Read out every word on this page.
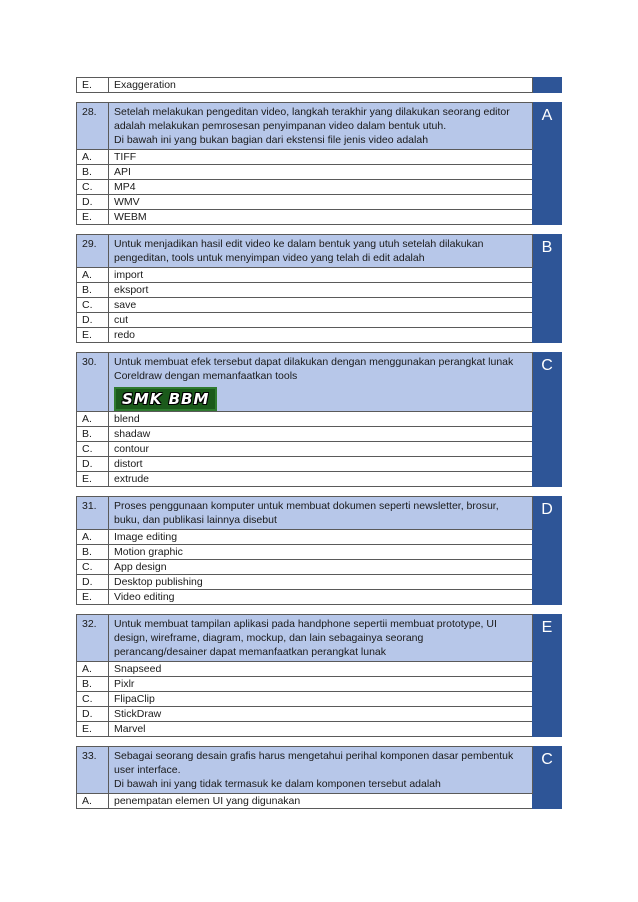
E.	Exaggeration	
28.	Setelah melakukan pengeditan video, langkah terakhir yang dilakukan seorang editor
adalah melakukan pemrosesan penyimpanan video dalam bentuk utuh.
Di bawah ini yang bukan bagian dari ekstensi file jenis video adalah	A
A.	TIFF	
B.	API	
C.	MP4	
D.	WMV	
E.	WEBM	
29.	Untuk menjadikan hasil edit video ke dalam bentuk yang utuh setelah dilakukan
pengeditan, tools untuk menyimpan video yang telah di edit adalah	B
A.	import	
B.	eksport	
C.	save	
D.	cut	
E.	redo	
30.	Untuk membuat efek tersebut dapat dilakukan dengan menggunakan perangkat lunak
Coreldraw dengan memanfaatkan tools
SMK BBM	C
A.	blend	
B.	shadaw	
C.	contour	
D.	distort	
E.	extrude	
31.	Proses penggunaan komputer untuk membuat dokumen seperti newsletter, brosur,
buku, dan publikasi lainnya disebut	D
A.	Image editing	
B.	Motion graphic	
C.	App design	
D.	Desktop publishing	
E.	Video editing	
32.	Untuk membuat tampilan aplikasi pada handphone sepertii membuat prototype, UI
design, wireframe, diagram, mockup, dan lain sebagainya seorang
perancang/desainer dapat memanfaatkan perangkat lunak	E
A.	Snapseed	
B.	Pixlr	
C.	FlipaClip	
D.	StickDraw	
E.	Marvel	
33.	Sebagai seorang desain grafis harus mengetahui perihal komponen dasar pembentuk
user interface.
Di bawah ini yang tidak termasuk ke dalam komponen tersebut adalah	C
A.	penempatan elemen UI yang digunakan	
